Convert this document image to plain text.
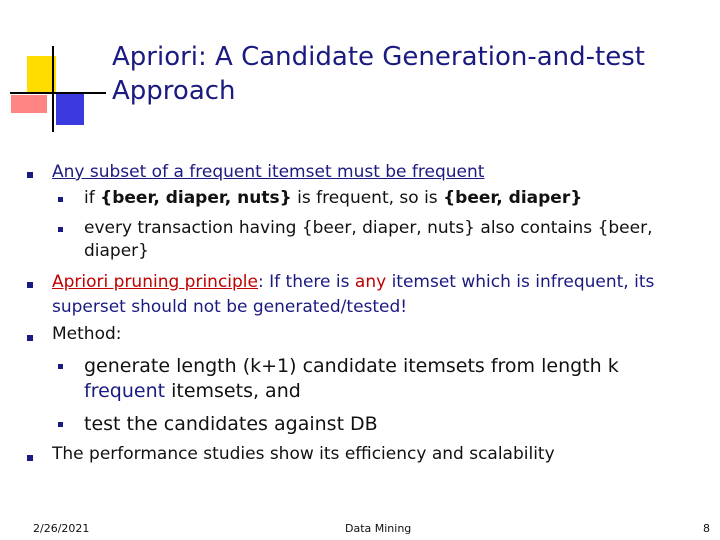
Apriori: A Candidate Generation-and-test
Approach
Any subset of a frequent itemset must be frequent
if {beer, diaper, nuts} is frequent, so is {beer, diaper}
every transaction having {beer, diaper, nuts} also contains {beer,
diaper}
Apriori pruning principle: If there is any itemset which is infrequent, its
superset should not be generated/tested!
Method:
generate length (k+1) candidate itemsets from length k
frequent itemsets, and
test the candidates against DB
The performance studies show its efficiency and scalability
2/26/2021	Data Mining	8
